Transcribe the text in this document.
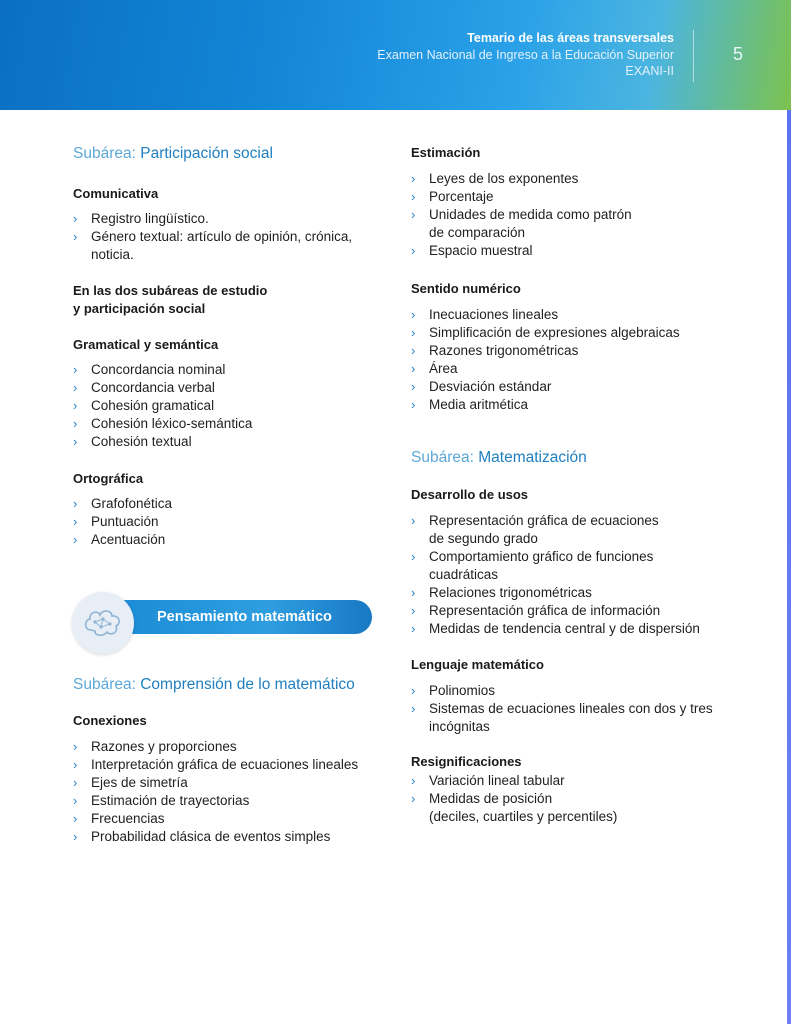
Temario de las áreas transversales
Examen Nacional de Ingreso a la Educación Superior
EXANI-II
5
Subárea: Participación social
Comunicativa
› Registro lingüístico.
› Género textual: artículo de opinión, crónica,
noticia.
En las dos subáreas de estudio
y participación social
Gramatical y semántica
› Concordancia nominal
› Concordancia verbal
› Cohesión gramatical
› Cohesión léxico-semántica
› Cohesión textual
Ortográfica
› Grafofonética
› Puntuación
› Acentuación
Pensamiento matemático
Subárea: Comprensión de lo matemático
Conexiones
› Razones y proporciones
› Interpretación gráfica de ecuaciones lineales
› Ejes de simetría
› Estimación de trayectorias
› Frecuencias
› Probabilidad clásica de eventos simples
Estimación
› Leyes de los exponentes
› Porcentaje
› Unidades de medida como patrón
de comparación
› Espacio muestral
Sentido numérico
› Inecuaciones lineales
› Simplificación de expresiones algebraicas
› Razones trigonométricas
› Área
› Desviación estándar
› Media aritmética
Subárea: Matematización
Desarrollo de usos
› Representación gráfica de ecuaciones
de segundo grado
› Comportamiento gráfico de funciones
cuadráticas
› Relaciones trigonométricas
› Representación gráfica de información
› Medidas de tendencia central y de dispersión
Lenguaje matemático
› Polinomios
› Sistemas de ecuaciones lineales con dos y tres
incógnitas
Resignificaciones
› Variación lineal tabular
› Medidas de posición
(deciles, cuartiles y percentiles)
